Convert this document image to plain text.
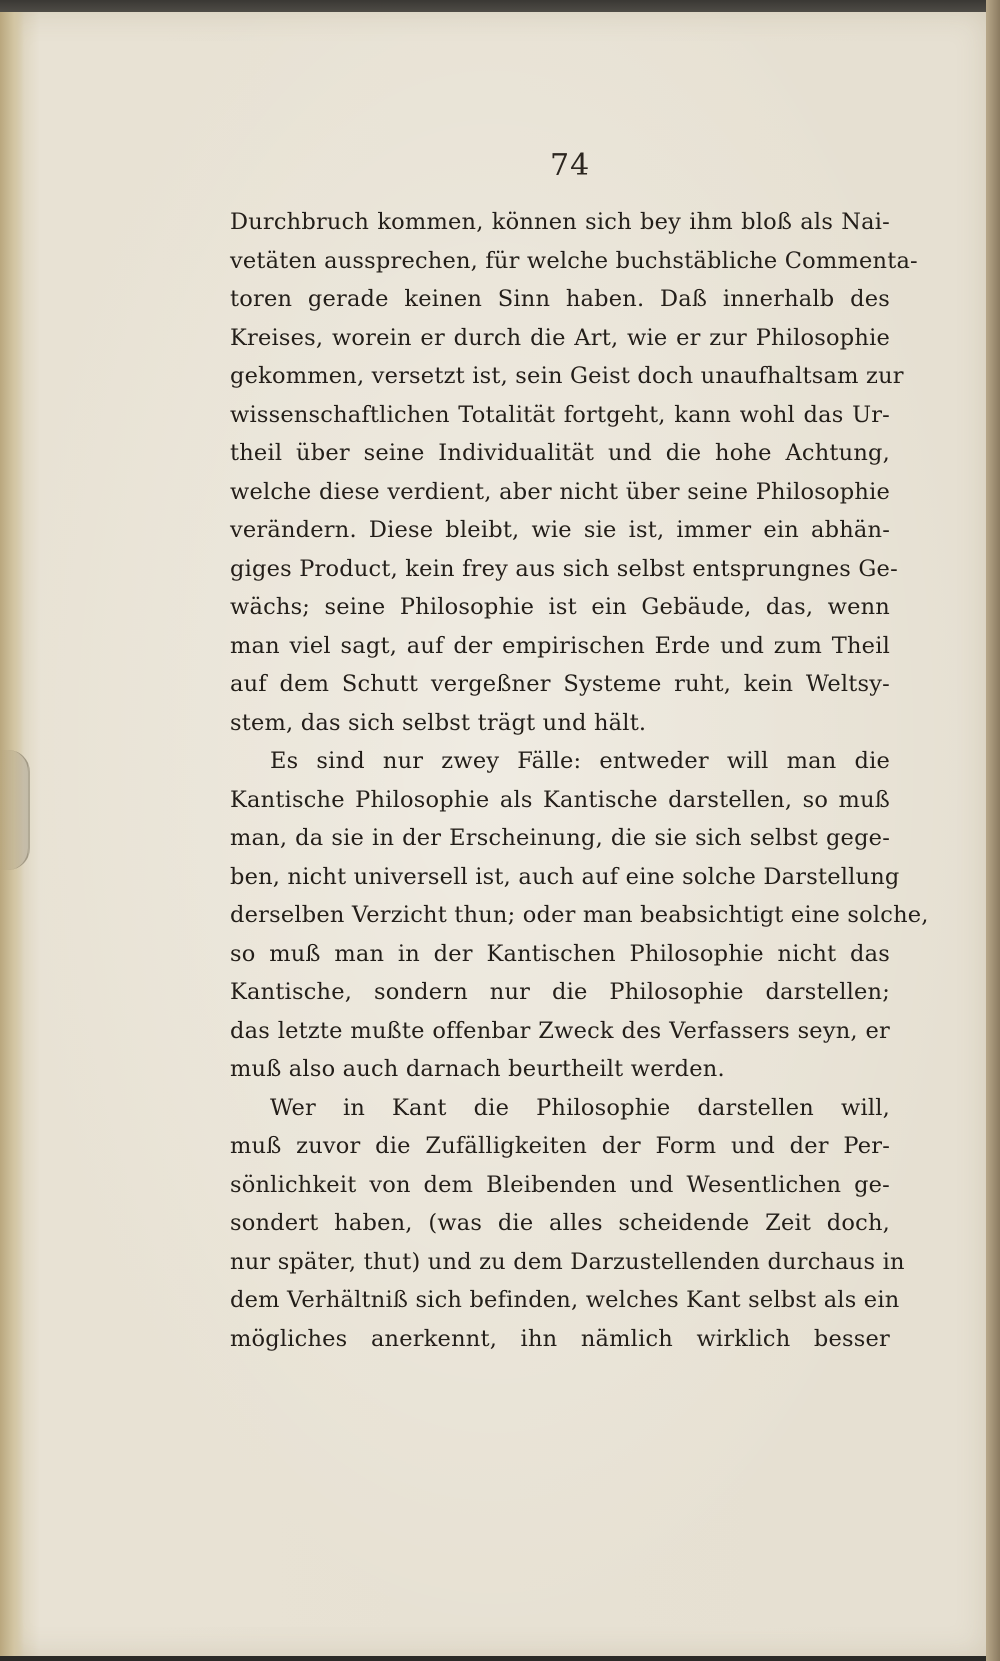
74
Durchbruch kommen, können sich bey ihm bloß als Nai-
vetäten aussprechen, für welche buchstäbliche Commenta-
toren gerade keinen Sinn haben. Daß innerhalb des
Kreises, worein er durch die Art, wie er zur Philosophie
gekommen, versetzt ist, sein Geist doch unaufhaltsam zur
wissenschaftlichen Totalität fortgeht, kann wohl das Ur-
theil über seine Individualität und die hohe Achtung,
welche diese verdient, aber nicht über seine Philosophie
verändern. Diese bleibt, wie sie ist, immer ein abhän-
giges Product, kein frey aus sich selbst entsprungnes Ge-
wächs; seine Philosophie ist ein Gebäude, das, wenn
man viel sagt, auf der empirischen Erde und zum Theil
auf dem Schutt vergeßner Systeme ruht, kein Weltsy-
stem, das sich selbst trägt und hält.
Es sind nur zwey Fälle: entweder will man die
Kantische Philosophie als Kantische darstellen, so muß
man, da sie in der Erscheinung, die sie sich selbst gege-
ben, nicht universell ist, auch auf eine solche Darstellung
derselben Verzicht thun; oder man beabsichtigt eine solche,
so muß man in der Kantischen Philosophie nicht das
Kantische, sondern nur die Philosophie darstellen;
das letzte mußte offenbar Zweck des Verfassers seyn, er
muß also auch darnach beurtheilt werden.
Wer in Kant die Philosophie darstellen will,
muß zuvor die Zufälligkeiten der Form und der Per-
sönlichkeit von dem Bleibenden und Wesentlichen ge-
sondert haben, (was die alles scheidende Zeit doch,
nur später, thut) und zu dem Darzustellenden durchaus in
dem Verhältniß sich befinden, welches Kant selbst als ein
mögliches anerkennt, ihn nämlich wirklich besser
